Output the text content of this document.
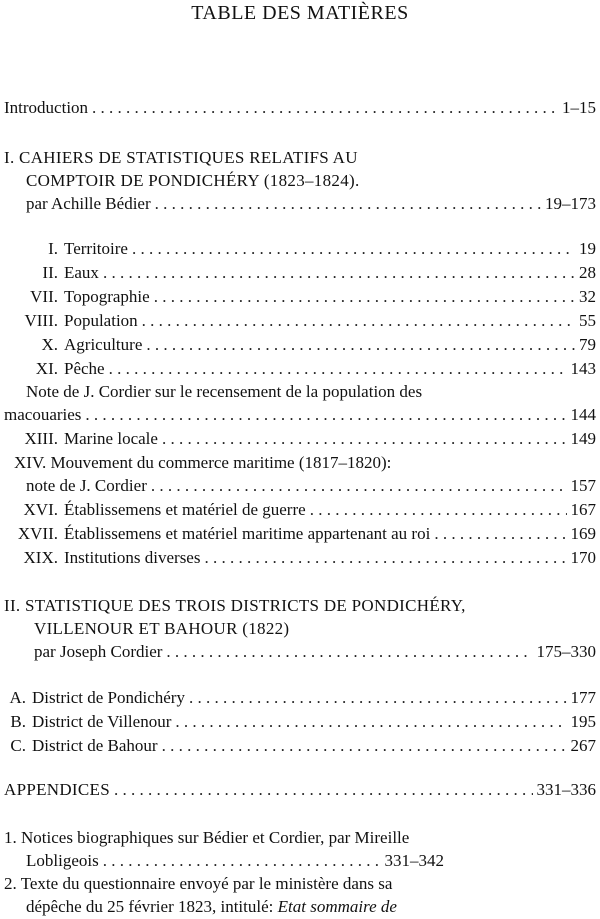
TABLE DES MATIÈRES
Introduction . . .	1–15
I. CAHIERS DE STATISTIQUES RELATIFS AU
COMPTOIR DE PONDICHÉRY (1823–1824).
par Achille Bédier . . .	19–173
I. Territoire . . .	19
II. Eaux . . .	28
VII. Topographie . . .	32
VIII. Population . . .	55
X. Agriculture . . .	79
XI. Pêche . . .	143
Note de J. Cordier sur le recensement de la population des
macouaries . . .	144
XIII. Marine locale . . .	149
XIV. Mouvement du commerce maritime (1817–1820):
note de J. Cordier . . .	157
XVI. Établissemens et matériel de guerre . . .	167
XVII. Établissemens et matériel maritime appartenant au roi . . .	169
XIX. Institutions diverses . . .	170
II. STATISTIQUE DES TROIS DISTRICTS DE PONDICHÉRY,
VILLENOUR ET BAHOUR (1822)
par Joseph Cordier . . .	175–330
A. District de Pondichéry . . .	177
B. District de Villenour . . .	195
C. District de Bahour . . .	267
APPENDICES . . .	331–336
1. Notices biographiques sur Bédier et Cordier, par Mireille
Lobligeois . . .	331–342
2. Texte du questionnaire envoyé par le ministère dans sa
dépêche du 25 février 1823, intitulé: Etat sommaire de
